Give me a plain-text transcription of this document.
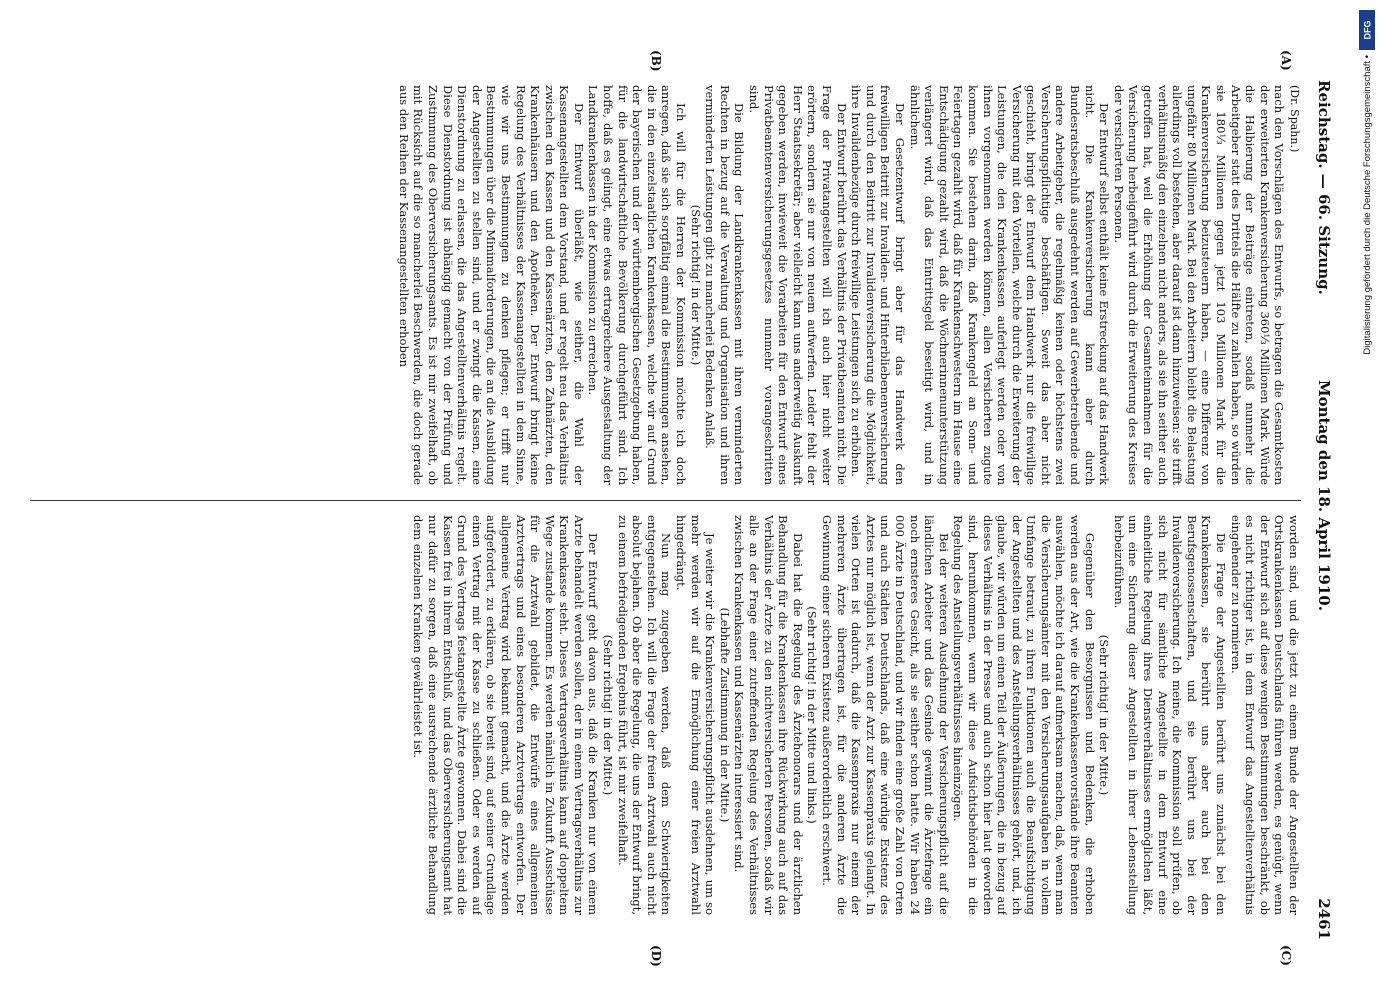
Reichstag. — 66. Sitzung.
Montag den 18. April 1910.
2461
(A)
(B)
(C)
(D)

(Dr. Spahn.)

nach den Vorschlägen des Entwurfs, so betragen die Gesamtkosten der erweiterten Krankenversicherung 360⅓ Millionen Mark. Würde die Halbierung der Beiträge eintreten, sodaß nunmehr die Arbeitgeber statt des Drittels die Hälfte zu zahlen haben, so würden sie 180⅓ Millionen gegen jetzt 103 Millionen Mark für die Krankenversicherung beizusteuern haben, — eine Differenz von ungefähr 80 Millionen Mark. Bei den Arbeitern bleibt die Belastung allerdings voll bestehen, aber darauf ist dann hinzuweisen: sie trifft verhältnismäßig den einzelnen nicht anders, als sie ihn seither auch getroffen hat, weil die Erhöhung der Gesamteinnahmen für die Versicherung herbeigeführt wird durch die Erweiterung des Kreises der versicherten Personen.

Der Entwurf selbst enthält keine Erstreckung auf das Handwerk nicht. Die Krankenversicherung kann aber durch Bundesratsbeschluß ausgedehnt werden auf Gewerbetreibende und andere Arbeitgeber, die regelmäßig keinen oder höchstens zwei Versicherungspflichtige beschäftigen. Soweit das aber nicht geschieht, bringt der Entwurf dem Handwerk nur die freiwillige Versicherung mit den Vorteilen, welche durch die Erweiterung der Leistungen, die den Krankenkassen auferlegt werden oder von ihnen vorgenommen werden können, allen Versicherten zugute kommen. Sie bestehen darin, daß Krankengeld an Sonn- und Feiertagen gezahlt wird, daß für Krankenschwestern im Hause eine Entschädigung gezahlt wird, daß die Wöchnerinnenunterstützung verlängert wird, daß das Eintrittsgeld beseitigt wird, und in ähnlichem.

Der Gesetzentwurf bringt aber für das Handwerk den freiwilligen Beitritt zur Invaliden- und Hinterbliebenenversicherung und durch den Beitritt zur Invalidenversicherung die Möglichkeit, ihre Invalidenbezüge durch freiwillige Leistungen sich zu erhöhen.

Der Entwurf berührt das Verhältnis der Privatbeamten nicht. Die Frage der Privatangestellten will ich auch hier nicht weiter erörtern, sondern sie nur von neuem aufwerfen. Leider fehlt der Herr Staatssekretär; aber vielleicht kann uns anderweitig Auskunft gegeben werden, inwieweit die Vorarbeiten für den Entwurf eines Privatbeamtenversicherungsgesetzes nunmehr vorangeschritten sind.

Die Bildung der Landkrankenkassen mit ihren verminderten Rechten in bezug auf die Verwaltung und Organisation und ihren verminderten Leistungen gibt zu mancherlei Bedenken Anlaß.

(Sehr richtig! in der Mitte.)

Ich will für die Herren der Kommission möchte ich doch anregen, daß sie sich sorgfältig einmal die Bestimmungen ansehen, die in den einzelstaatlichen Krankenkassen, welche wir auf Grund der bayerischen und der württembergischen Gesetzgebung haben, für die landwirtschaftliche Bevölkerung durchgeführt sind. Ich hoffe, daß es gelingt, eine etwas ertragreichere Ausgestaltung der Landkrankenkassen in der Kommission zu erreichen.

Der Entwurf überläßt, wie seither, die Wahl der Kassenangestellten dem Vorstand, und er regelt neu das Verhältnis zwischen den Kassen und den Kassenärzten, den Zahnärzten, den Krankenhäusern und den Apotheken. Der Entwurf bringt keine Regelung des Verhältnisses der Kassenangestellten in dem Sinne, wie wir uns Bestimmungen zu denken pflegen; er trifft nur Bestimmungen über die Minimalforderungen, die an die Ausbildung der Angestellten zu stellen sind, und er zwingt die Kassen, eine Dienstordnung zu erlassen, die das Angestelltenverhältnis regelt. Diese Dienstordnung ist abhängig gemacht von der Prüfung und Zustimmung des Oberversicherungsamts. Es ist mir zweifelhaft, ob mit Rücksicht auf die so mancherlei Beschwerden, die doch gerade aus den Reihen der Kassenangestellten erhoben

worden sind, und die jetzt zu einem Bunde der Angestellten der Ortskrankenkassen Deutschlands führen werden, es genügt, wenn der Entwurf sich auf diese wenigen Bestimmungen beschränkt, ob es nicht richtiger ist, in dem Entwurf das Angestelltenverhältnis eingehender zu normieren.

Die Frage der Angestellten berührt uns zunächst bei den Krankenkassen, sie berührt uns aber auch bei den Berufsgenossenschaften, und sie berührt uns bei der Invalidenversicherung. Ich meine, die Kommission soll prüfen, ob sich nicht für sämtliche Angestellte in dem Entwurf eine einheitliche Regelung ihres Dienstverhältnisses ermöglichen läßt, um eine Sicherung dieser Angestellten in ihrer Lebensstellung herbeizuführen.

(Sehr richtig! in der Mitte.)

Gegenüber den Besorgnissen und Bedenken, die erhoben werden aus der Art, wie die Krankenkassenvorstände ihre Beamten auswählen, möchte ich darauf aufmerksam machen, daß, wenn man die Versicherungsämter mit den Versicherungsaufgaben in vollem Umfange betraut, zu ihren Funktionen auch die Beaufsichtigung der Angestellten und des Anstellungsverhältnisses gehört, und, ich glaube, wir würden um einen Teil der Äußerungen, die in bezug auf dieses Verhältnis in der Presse und auch schon hier laut geworden sind, herumkommen, wenn wir diese Aufsichtsbehörden in die Regelung des Anstellungsverhältnisses hineinzögen.

Bei der weiteren Ausdehnung der Versicherungspflicht auf die ländlichen Arbeiter und das Gesinde gewinnt die Ärztefrage ein noch ernsteres Gesicht, als sie seither schon hatte. Wir haben 24 000 Ärzte in Deutschland, und wir finden eine große Zahl von Orten und auch Städten Deutschlands, daß eine würdige Existenz des Arztes nur möglich ist, wenn der Arzt zur Kassenpraxis gelangt. In vielen Orten ist dadurch, daß die Kassenpraxis nur einem der mehreren Ärzte übertragen ist, für die anderen Ärzte die Gewinnung einer sicheren Existenz außerordentlich erschwert.

(Sehr richtig! in der Mitte und links.)

Dabei hat die Regelung des Ärztehonorars und der ärztlichen Behandlung für die Krankenkassen ihre Rückwirkung auch auf das Verhältnis der Ärzte zu den nichtversicherten Personen, sodaß wir alle an der Frage einer zutreffenden Regelung des Verhältnisses zwischen Krankenkassen und Kassenärzten interessiert sind.

(Lebhafte Zustimmung in der Mitte.)

Je weiter wir die Krankenversicherungspflicht ausdehnen, um so mehr werden wir auf die Ermöglichung einer freien Arztwahl hingedrängt.

Nun mag zugegeben werden, daß dem Schwierigkeiten entgegenstehen. Ich will die Frage der freien Arztwahl auch nicht absolut bejahen. Ob aber die Regelung, die uns der Entwurf bringt, zu einem befriedigenden Ergebnis führt, ist mir zweifelhaft.

(Sehr richtig! in der Mitte.)

Der Entwurf geht davon aus, daß die Kranken nur von einem Arzte behandelt werden sollen, der in einem Vertragsverhältnis zur Krankenkasse steht. Dieses Vertragsverhältnis kann auf doppeltem Wege zustande kommen. Es werden nämlich in Zukunft Ausschüsse für die Arztwahl gebildet, die Entwürfe eines allgemeinen Arztvertrags und eines besonderen Arztvertrags entworfen. Der allgemeine Vertrag wird bekannt gemacht, und die Ärzte werden aufgefordert, zu erklären, ob sie bereit sind, auf seiner Grundlage einen Vertrag mit der Kasse zu schließen. Oder es werden auf Grund des Vertrags festangestellte Ärzte gewonnen. Dabei sind die Kassen frei in ihrem Entschluß, und das Oberversicherungsamt hat nur dafür zu sorgen, daß eine ausreichende ärztliche Behandlung dem einzelnen Kranken gewährleistet ist.

DFG
Digitalisierung gefördert durch die Deutsche Forschungsgemeinschaft •
